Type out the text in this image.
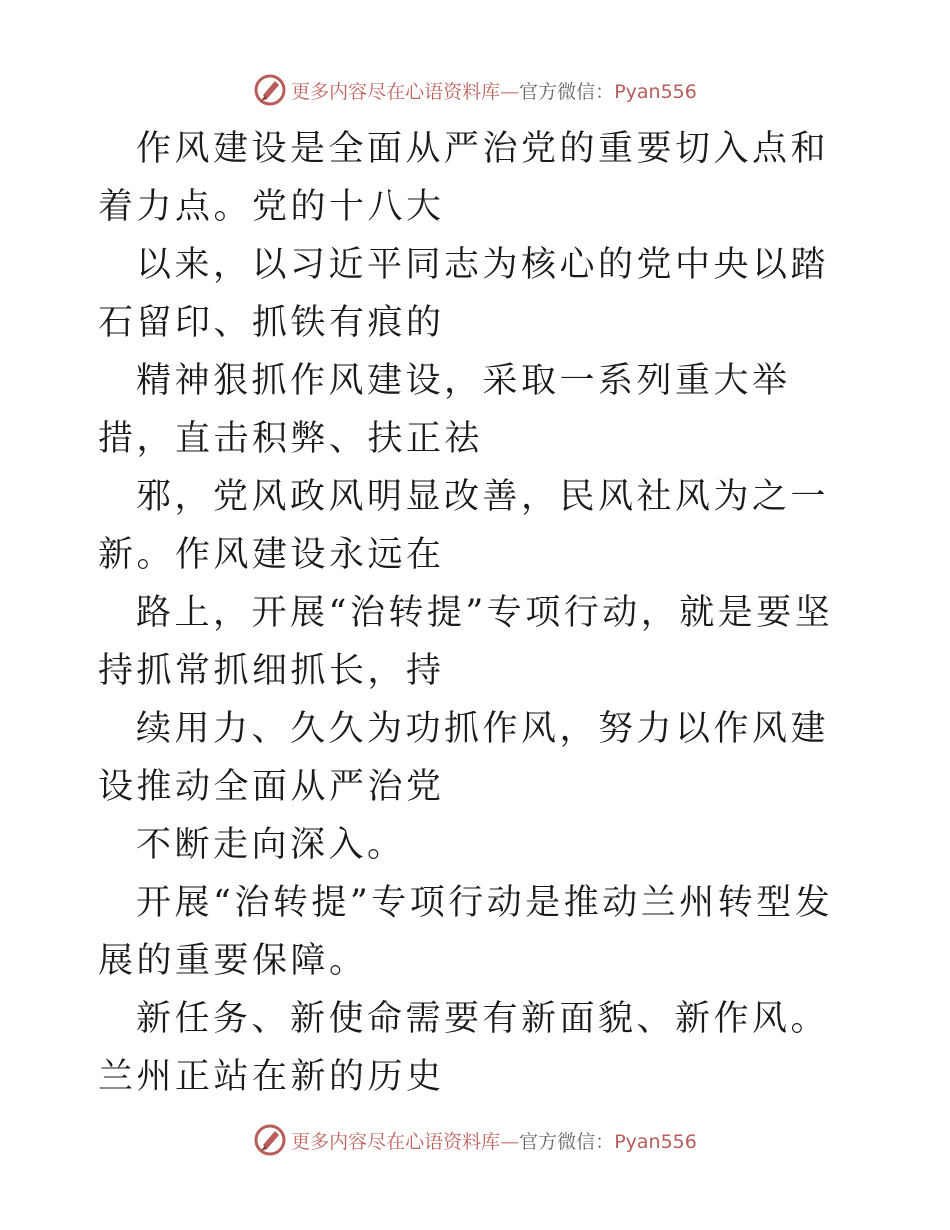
更多内容尽在心语资料库—官方微信：Pyan556

作风建设是全面从严治党的重要切入点和着力点。党的十八大

以来，以习近平同志为核心的党中央以踏石留印、抓铁有痕的

精神狠抓作风建设，采取一系列重大举措，直击积弊、扶正祛

邪，党风政风明显改善，民风社风为之一新。作风建设永远在

路上，开展“治转提”专项行动，就是要坚持抓常抓细抓长，持

续用力、久久为功抓作风，努力以作风建设推动全面从严治党

不断走向深入。

开展“治转提”专项行动是推动兰州转型发展的重要保障。

新任务、新使命需要有新面貌、新作风。兰州正站在新的历史

更多内容尽在心语资料库—官方微信：Pyan556
